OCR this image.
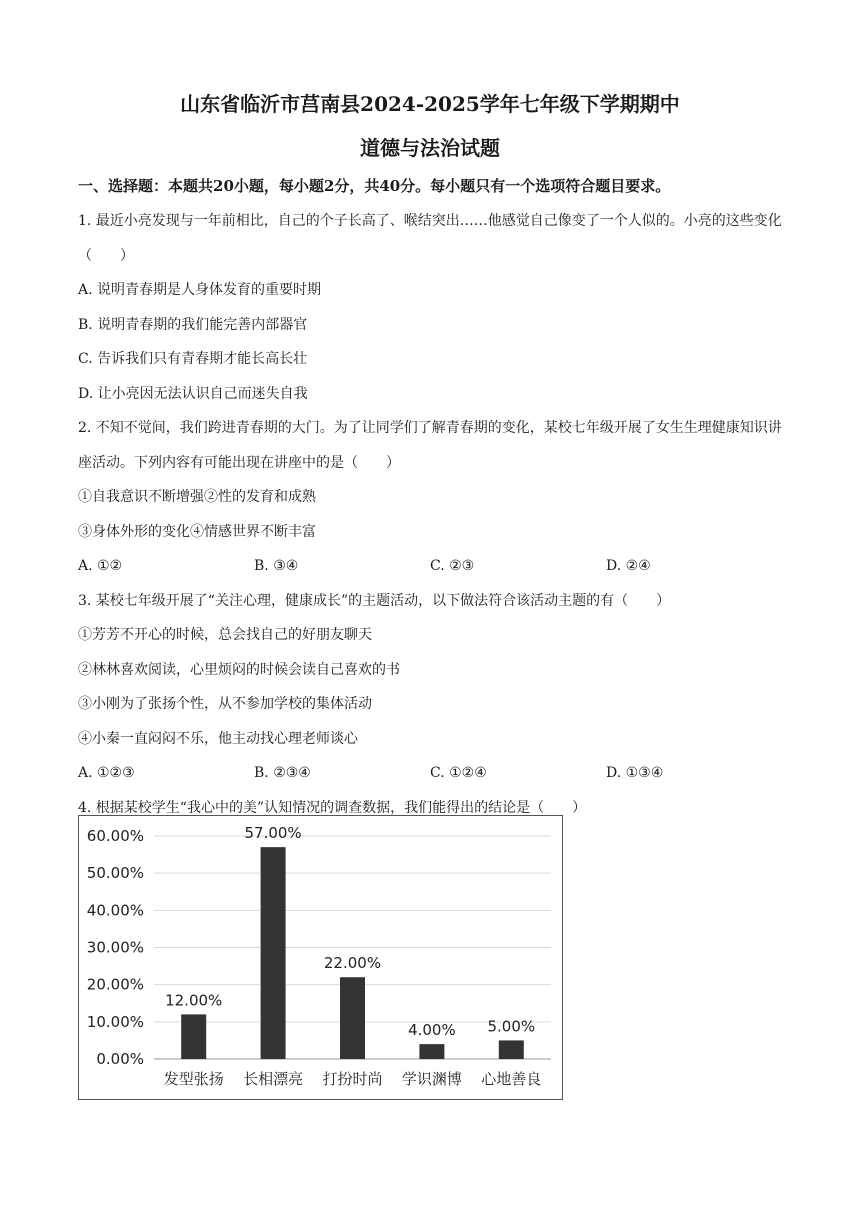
山东省临沂市莒南县2024-2025学年七年级下学期期中
道德与法治试题

一、选择题：本题共20小题，每小题2分，共40分。每小题只有一个选项符合题目要求。

1. 最近小亮发现与一年前相比，自己的个子长高了、喉结突出……他感觉自己像变了一个人似的。小亮的这些变化（　　）
A. 说明青春期是人身体发育的重要时期
B. 说明青春期的我们能完善内部器官
C. 告诉我们只有青春期才能长高长壮
D. 让小亮因无法认识自己而迷失自我
2. 不知不觉间，我们跨进青春期的大门。为了让同学们了解青春期的变化，某校七年级开展了女生生理健康知识讲座活动。下列内容有可能出现在讲座中的是（　　）
①自我意识不断增强②性的发育和成熟
③身体外形的变化④情感世界不断丰富
A. ①②	B. ③④	C. ②③	D. ②④
3. 某校七年级开展了“关注心理，健康成长”的主题活动，以下做法符合该活动主题的有（　　）
①芳芳不开心的时候，总会找自己的好朋友聊天
②林林喜欢阅读，心里烦闷的时候会读自己喜欢的书
③小刚为了张扬个性，从不参加学校的集体活动
④小秦一直闷闷不乐，他主动找心理老师谈心
A. ①②③	B. ②③④	C. ①②④	D. ①③④
4. 根据某校学生“我心中的美”认知情况的调查数据，我们能得出的结论是（　　）
0.00%
10.00%
20.00%
30.00%
40.00%
50.00%
60.00%
12.00%
发型张扬
57.00%
长相漂亮
22.00%
打扮时尚
4.00%
学识渊博
5.00%
心地善良
